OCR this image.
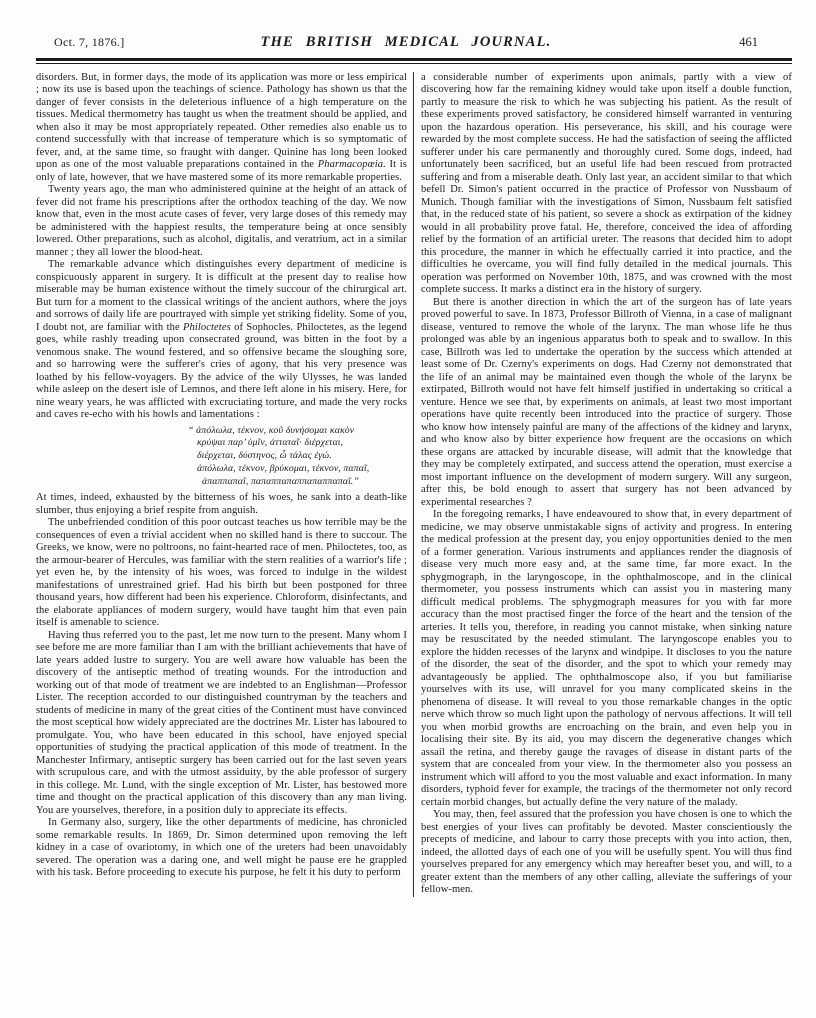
Oct. 7, 1876.]	THE BRITISH MEDICAL JOURNAL.	461

disorders. But, in former days, the mode of its application was more or less empirical ; now its use is based upon the teachings of science. Pathology has shown us that the danger of fever consists in the deleterious influence of a high temperature on the tissues. Medical thermometry has taught us when the treatment should be applied, and when also it may be most appropriately repeated. Other remedies also enable us to contend successfully with that increase of temperature which is so symptomatic of fever, and, at the same time, so fraught with danger. Quinine has long been looked upon as one of the most valuable preparations contained in the Pharmacopœia. It is only of late, however, that we have mastered some of its more remarkable properties.

Twenty years ago, the man who administered quinine at the height of an attack of fever did not frame his prescriptions after the orthodox teaching of the day. We now know that, even in the most acute cases of fever, very large doses of this remedy may be administered with the happiest results, the temperature being at once sensibly lowered. Other preparations, such as alcohol, digitalis, and veratrium, act in a similar manner ; they all lower the blood-heat.

The remarkable advance which distinguishes every department of medicine is conspicuously apparent in surgery. It is difficult at the present day to realise how miserable may be human existence without the timely succour of the chirurgical art. But turn for a moment to the classical writings of the ancient authors, where the joys and sorrows of daily life are pourtrayed with simple yet striking fidelity. Some of you, I doubt not, are familiar with the Philoctetes of Sophocles. Philoctetes, as the legend goes, while rashly treading upon consecrated ground, was bitten in the foot by a venomous snake. The wound festered, and so offensive became the sloughing sore, and so harrowing were the sufferer's cries of agony, that his very presence was loathed by his fellow-voyagers. By the advice of the wily Ulysses, he was landed while asleep on the desert isle of Lemnos, and there left alone in his misery. Here, for nine weary years, he was afflicted with excruciating torture, and made the very rocks and caves re-echo with his howls and lamentations :

“ ἀπόλωλα, τέκνον, κοῦ δυνήσομαι κακὸν
κρύψαι παρ’ ὑμῖν, ἀτταταῖ· διέρχεται,
διέρχεται, δύστηνος, ὦ τάλας ἐγώ.
ἀπόλωλα, τέκνον, βρύκομαι, τέκνον, παπαῖ,
ἀπαππαπαῖ, παπαππαπαππαπαππαπαῖ.”

At times, indeed, exhausted by the bitterness of his woes, he sank into a death-like slumber, thus enjoying a brief respite from anguish.

The unbefriended condition of this poor outcast teaches us how terrible may be the consequences of even a trivial accident when no skilled hand is there to succour. The Greeks, we know, were no poltroons, no faint-hearted race of men. Philoctetes, too, as the armour-bearer of Hercules, was familiar with the stern realities of a warrior's life ; yet even he, by the intensity of his woes, was forced to indulge in the wildest manifestations of unrestrained grief. Had his birth but been postponed for three thousand years, how different had been his experience. Chloroform, disinfectants, and the elaborate appliances of modern surgery, would have taught him that even pain itself is amenable to science.

Having thus referred you to the past, let me now turn to the present. Many whom I see before me are more familiar than I am with the brilliant achievements that have of late years added lustre to surgery. You are well aware how valuable has been the discovery of the antiseptic method of treating wounds. For the introduction and working out of that mode of treatment we are indebted to an Englishman—Professor Lister. The reception accorded to our distinguished countryman by the teachers and students of medicine in many of the great cities of the Continent must have convinced the most sceptical how widely appreciated are the doctrines Mr. Lister has laboured to promulgate. You, who have been educated in this school, have enjoyed special opportunities of studying the practical application of this mode of treatment. In the Manchester Infirmary, antiseptic surgery has been carried out for the last seven years with scrupulous care, and with the utmost assiduity, by the able professor of surgery in this college. Mr. Lund, with the single exception of Mr. Lister, has bestowed more time and thought on the practical application of this discovery than any man living. You are yourselves, therefore, in a position duly to appreciate its effects.

In Germany also, surgery, like the other departments of medicine, has chronicled some remarkable results. In 1869, Dr. Simon determined upon removing the left kidney in a case of ovariotomy, in which one of the ureters had been unavoidably severed. The operation was a daring one, and well might he pause ere he grappled with his task. Before proceeding to execute his purpose, he felt it his duty to perform

a considerable number of experiments upon animals, partly with a view of discovering how far the remaining kidney would take upon itself a double function, partly to measure the risk to which he was subjecting his patient. As the result of these experiments proved satisfactory, he considered himself warranted in venturing upon the hazardous operation. His perseverance, his skill, and his courage were rewarded by the most complete success. He had the satisfaction of seeing the afflicted sufferer under his care permanently and thoroughly cured. Some dogs, indeed, had unfortunately been sacrificed, but an useful life had been rescued from protracted suffering and from a miserable death. Only last year, an accident similar to that which befell Dr. Simon's patient occurred in the practice of Professor von Nussbaum of Munich. Though familiar with the investigations of Simon, Nussbaum felt satisfied that, in the reduced state of his patient, so severe a shock as extirpation of the kidney would in all probability prove fatal. He, therefore, conceived the idea of affording relief by the formation of an artificial ureter. The reasons that decided him to adopt this procedure, the manner in which he effectually carried it into practice, and the difficulties he overcame, you will find fully detailed in the medical journals. This operation was performed on November 10th, 1875, and was crowned with the most complete success. It marks a distinct era in the history of surgery.

But there is another direction in which the art of the surgeon has of late years proved powerful to save. In 1873, Professor Billroth of Vienna, in a case of malignant disease, ventured to remove the whole of the larynx. The man whose life he thus prolonged was able by an ingenious apparatus both to speak and to swallow. In this case, Billroth was led to undertake the operation by the success which attended at least some of Dr. Czerny's experiments on dogs. Had Czerny not demonstrated that the life of an animal may be maintained even though the whole of the larynx be extirpated, Billroth would not have felt himself justified in undertaking so critical a venture. Hence we see that, by experiments on animals, at least two most important operations have quite recently been introduced into the practice of surgery. Those who know how intensely painful are many of the affections of the kidney and larynx, and who know also by bitter experience how frequent are the occasions on which these organs are attacked by incurable disease, will admit that the knowledge that they may be completely extirpated, and success attend the operation, must exercise a most important influence on the development of modern surgery. Will any surgeon, after this, be bold enough to assert that surgery has not been advanced by experimental researches ?

In the foregoing remarks, I have endeavoured to show that, in every department of medicine, we may observe unmistakable signs of activity and progress. In entering the medical profession at the present day, you enjoy opportunities denied to the men of a former generation. Various instruments and appliances render the diagnosis of disease very much more easy and, at the same time, far more exact. In the sphygmograph, in the laryngoscope, in the ophthalmoscope, and in the clinical thermometer, you possess instruments which can assist you in mastering many difficult medical problems. The sphygmograph measures for you with far more accuracy than the most practised finger the force of the heart and the tension of the arteries. It tells you, therefore, in reading you cannot mistake, when sinking nature may be resuscitated by the needed stimulant. The laryngoscope enables you to explore the hidden recesses of the larynx and windpipe. It discloses to you the nature of the disorder, the seat of the disorder, and the spot to which your remedy may advantageously be applied. The ophthalmoscope also, if you but familiarise yourselves with its use, will unravel for you many complicated skeins in the phenomena of disease. It will reveal to you those remarkable changes in the optic nerve which throw so much light upon the pathology of nervous affections. It will tell you when morbid growths are encroaching on the brain, and even help you in localising their site. By its aid, you may discern the degenerative changes which assail the retina, and thereby gauge the ravages of disease in distant parts of the system that are concealed from your view. In the thermometer also you possess an instrument which will afford to you the most valuable and exact information. In many disorders, typhoid fever for example, the tracings of the thermometer not only record certain morbid changes, but actually define the very nature of the malady.

You may, then, feel assured that the profession you have chosen is one to which the best energies of your lives can profitably be devoted. Master conscientiously the precepts of medicine, and labour to carry those precepts with you into action, then, indeed, the allotted days of each one of you will be usefully spent. You will thus find yourselves prepared for any emergency which may hereafter beset you, and will, to a greater extent than the members of any other calling, alleviate the sufferings of your fellow-men.
